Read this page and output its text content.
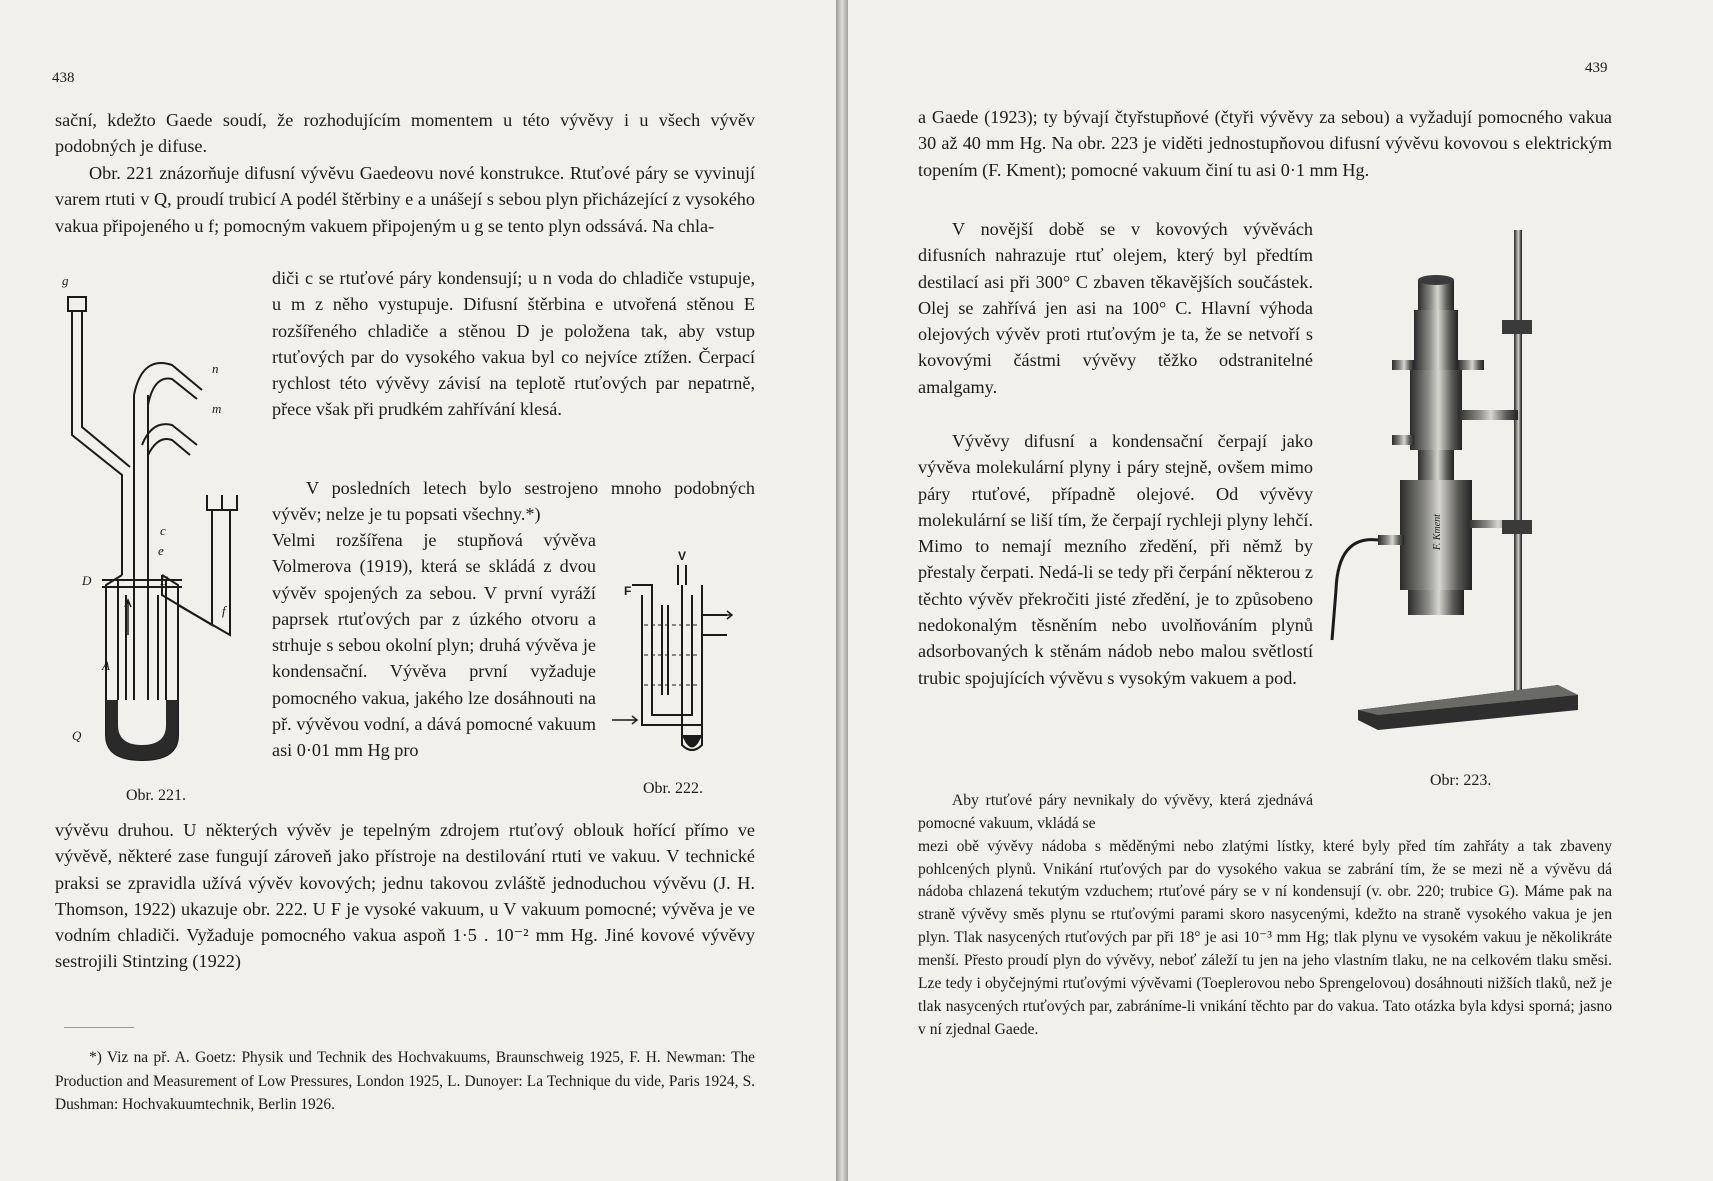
438

sační, kdežto Gaede soudí, že rozhodujícím momentem u této vývěvy i u všech vývěv podobných je difuse.

Obr. 221 znázorňuje difusní vývěvu Gaedeovu nové konstrukce. Rtuťové páry se vyvinují varem rtuti v Q, proudí trubicí A podél štěrbiny e a unášejí s sebou plyn přicházející z vysokého vakua připojeného u f; pomocným vakuem připojeným u g se tento plyn odssává. Na chla-

diči c se rtuťové páry kondensují; u n voda do chladiče vstupuje, u m z něho vystupuje. Difusní štěrbina e utvořená stěnou E rozšířeného chladiče a stěnou D je položena tak, aby vstup rtuťových par do vysokého vakua byl co nejvíce ztížen. Čerpací rychlost této vývěvy závisí na teplotě rtuťových par nepatrně, přece však při prudkém zahřívání klesá.

V posledních letech bylo sestrojeno mnoho podobných vývěv; nelze je tu popsati všechny.*)

Velmi rozšířena je stupňová vývěva Volmerova (1919), která se skládá z dvou vývěv spojených za sebou. V první vyráží paprsek rtuťových par z úzkého otvoru a strhuje s sebou okolní plyn; druhá vývěva je kondensační. Vývěva první vyžaduje pomocného vakua, jakého lze dosáhnouti na př. vývěvou vodní, a dává pomocné vakuum asi 0·01 mm Hg pro

vývěvu druhou. U některých vývěv je tepelným zdrojem rtuťový oblouk hořící přímo ve vývěvě, některé zase fungují zároveň jako přístroje na destilování rtuti ve vakuu. V technické praksi se zpravidla užívá vývěv kovových; jednu takovou zvláště jednoduchou vývěvu (J. H. Thomson, 1922) ukazuje obr. 222. U F je vysoké vakuum, u V vakuum pomocné; vývěva je ve vodním chladiči. Vyžaduje pomocného vakua aspoň 1·5 . 10⁻² mm Hg. Jiné kovové vývěvy sestrojili Stintzing (1922)

*) Viz na př. A. Goetz: Physik und Technik des Hochvakuums, Braunschweig 1925, F. H. Newman: The Production and Measurement of Low Pressures, London 1925, L. Dunoyer: La Technique du vide, Paris 1924, S. Dushman: Hochvakuumtechnik, Berlin 1926.

g
n
m
c
e
D	E
f
A
Q
Obr. 221.
V
F
Obr. 222.
439

a Gaede (1923); ty bývají čtyřstupňové (čtyři vývěvy za sebou) a vyžadují pomocného vakua 30 až 40 mm Hg. Na obr. 223 je viděti jednostupňovou difusní vývěvu kovovou s elektrickým topením (F. Kment); pomocné vakuum činí tu asi 0·1 mm Hg.

V novější době se v kovových vývěvách difusních nahrazuje rtuť olejem, který byl předtím destilací asi při 300° C zbaven těkavějších součástek. Olej se zahřívá jen asi na 100° C. Hlavní výhoda olejových vývěv proti rtuťovým je ta, že se netvoří s kovovými částmi vývěvy těžko odstranitelné amalgamy.

Vývěvy difusní a kondensační čerpají jako vývěva molekulární plyny i páry stejně, ovšem mimo páry rtuťové, případně olejové. Od vývěvy molekulární se liší tím, že čerpají rychleji plyny lehčí. Mimo to nemají mezního zředění, při němž by přestaly čerpati. Nedá-li se tedy při čerpání některou z těchto vývěv překročiti jisté zředění, je to způsobeno nedokonalým těsněním nebo uvolňováním plynů adsorbovaných k stěnám nádob nebo malou světlostí trubic spojujících vývěvu s vysokým vakuem a pod.

Aby rtuťové páry nevnikaly do vývěvy, která zjednává pomocné vakuum, vkládá se

mezi obě vývěvy nádoba s měděnými nebo zlatými lístky, které byly před tím zahřáty a tak zbaveny pohlcených plynů. Vnikání rtuťových par do vysokého vakua se zabrání tím, že se mezi ně a vývěvu dá nádoba chlazená tekutým vzduchem; rtuťové páry se v ní kondensují (v. obr. 220; trubice G). Máme pak na straně vývěvy směs plynu se rtuťovými parami skoro nasycenými, kdežto na straně vysokého vakua je jen plyn. Tlak nasycených rtuťových par při 18° je asi 10⁻³ mm Hg; tlak plynu ve vysokém vakuu je několikráte menší. Přesto proudí plyn do vývěvy, neboť záleží tu jen na jeho vlastním tlaku, ne na celkovém tlaku směsi. Lze tedy i obyčejnými rtuťovými vývěvami (Toeplerovou nebo Sprengelovou) dosáhnouti nižších tlaků, než je tlak nasycených rtuťových par, zabráníme-li vnikání těchto par do vakua. Tato otázka byla kdysi sporná; jasno v ní zjednal Gaede.

F. Kment
Obr: 223.
